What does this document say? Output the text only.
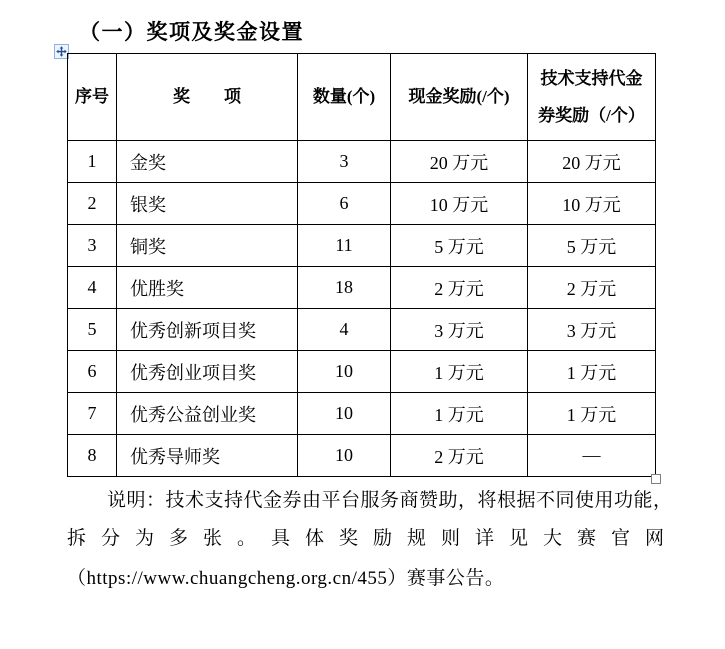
（一）奖项及奖金设置
序号	奖　　项	数量(个)	现金奖励(/个)	技术支持代金券奖励（/个）
1	金奖	3	20 万元	20 万元
2	银奖	6	10 万元	10 万元
3	铜奖	11	5 万元	5 万元
4	优胜奖	18	2 万元	2 万元
5	优秀创新项目奖	4	3 万元	3 万元
6	优秀创业项目奖	10	1 万元	1 万元
7	优秀公益创业奖	10	1 万元	1 万元
8	优秀导师奖	10	2 万元	—
说明：技术支持代金券由平台服务商赞助，将根据不同使用功能，
拆分为多张。具体奖励规则详见大赛官网
（https://www.chuangcheng.org.cn/455）赛事公告。
